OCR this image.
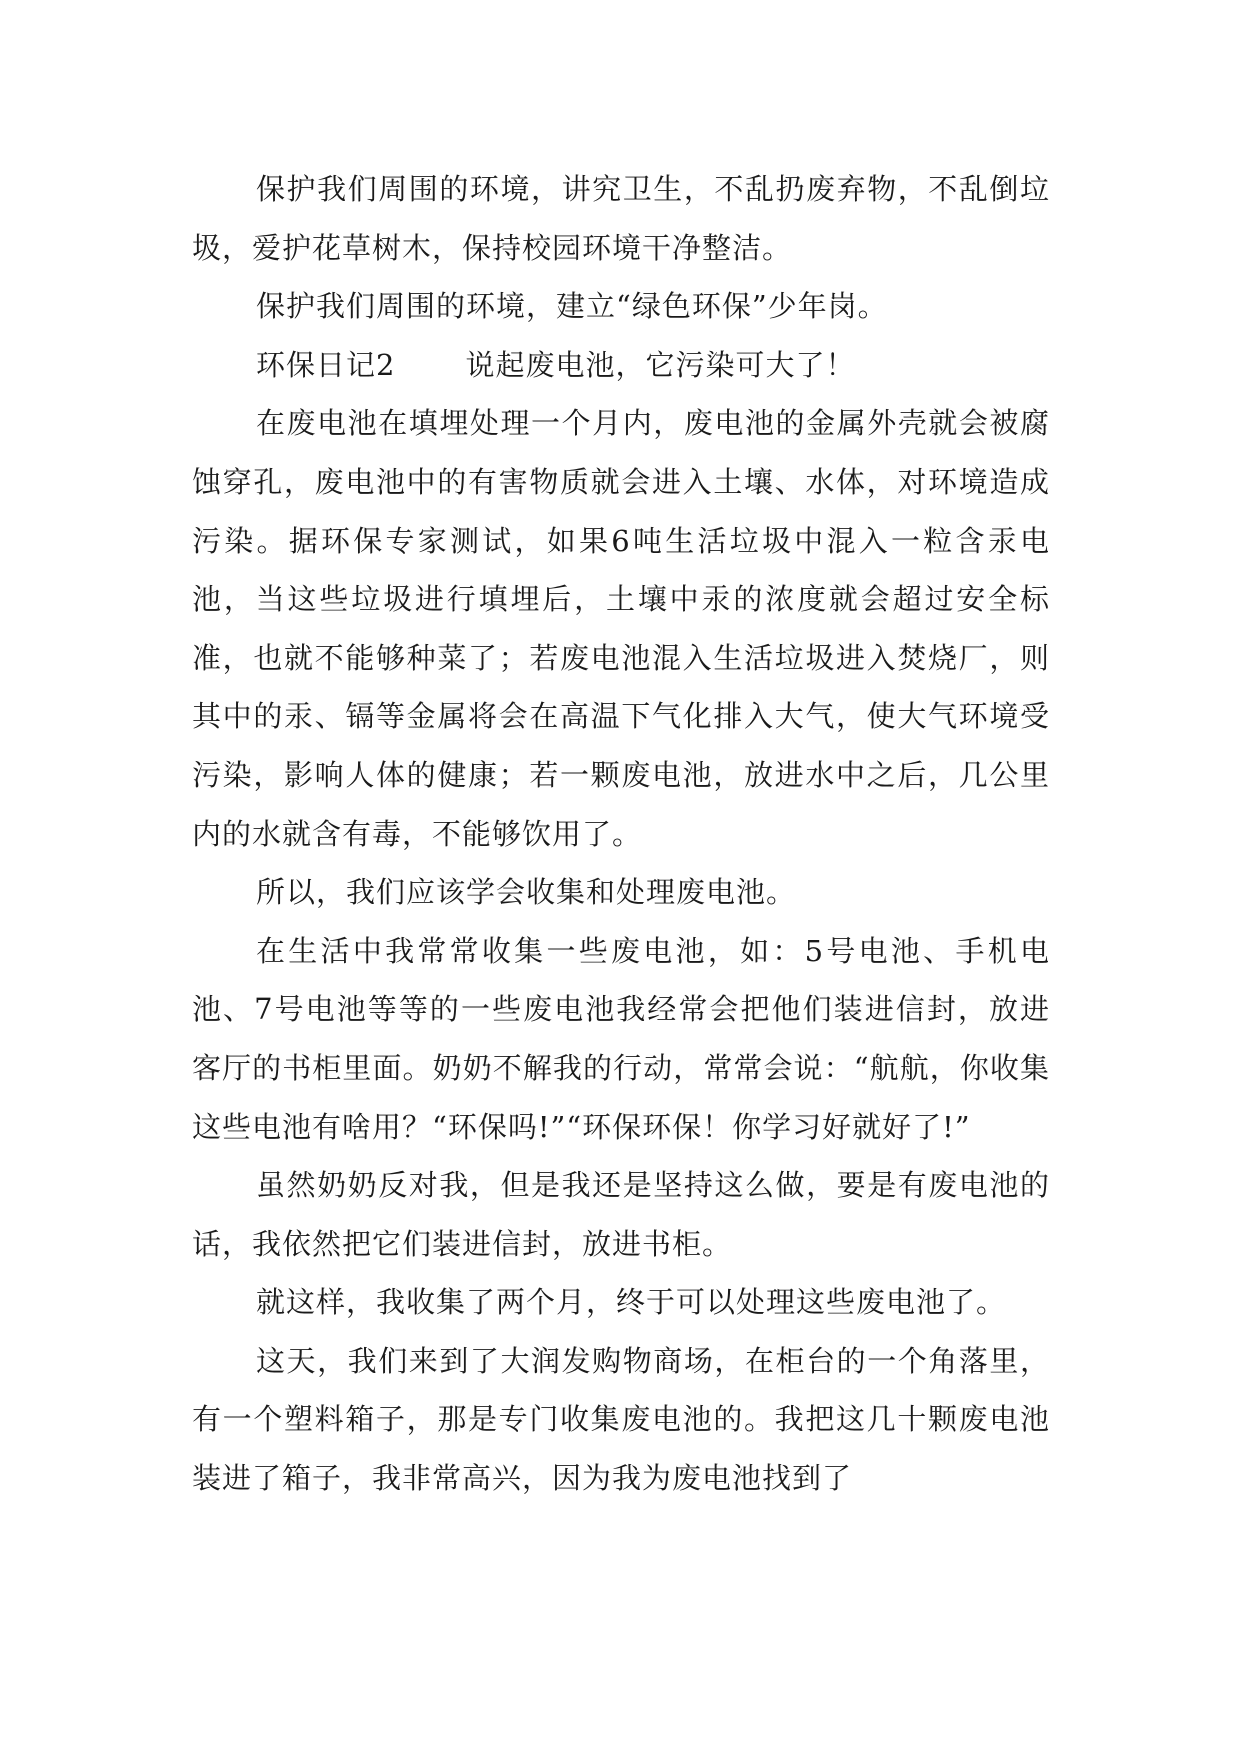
保护我们周围的环境，讲究卫生，不乱扔废弃物，不乱倒垃圾，爱护花草树木，保持校园环境干净整洁。

保护我们周围的环境，建立“绿色环保”少年岗。

环保日记2 说起废电池，它污染可大了！

在废电池在填埋处理一个月内，废电池的金属外壳就会被腐蚀穿孔，废电池中的有害物质就会进入土壤、水体，对环境造成污染。据环保专家测试，如果6吨生活垃圾中混入一粒含汞电池，当这些垃圾进行填埋后，土壤中汞的浓度就会超过安全标准，也就不能够种菜了；若废电池混入生活垃圾进入焚烧厂，则其中的汞、镉等金属将会在高温下气化排入大气，使大气环境受污染，影响人体的健康；若一颗废电池，放进水中之后，几公里内的水就含有毒，不能够饮用了。

所以，我们应该学会收集和处理废电池。

在生活中我常常收集一些废电池，如：5号电池、手机电池、7号电池等等的一些废电池我经常会把他们装进信封，放进客厅的书柜里面。奶奶不解我的行动，常常会说：“航航，你收集这些电池有啥用？“环保吗!”“环保环保！你学习好就好了!”

虽然奶奶反对我，但是我还是坚持这么做，要是有废电池的话，我依然把它们装进信封，放进书柜。

就这样，我收集了两个月，终于可以处理这些废电池了。

这天，我们来到了大润发购物商场，在柜台的一个角落里，有一个塑料箱子，那是专门收集废电池的。我把这几十颗废电池装进了箱子，我非常高兴，因为我为废电池找到了
